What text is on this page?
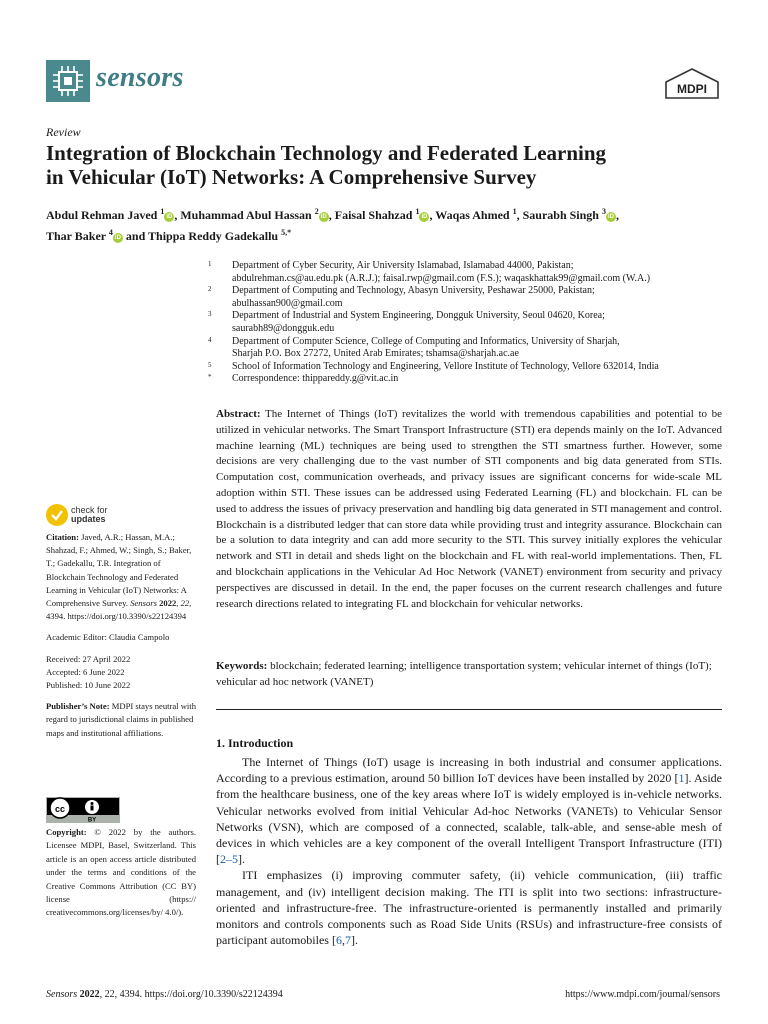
sensors	MDPI
Review
Integration of Blockchain Technology and Federated Learning
in Vehicular (IoT) Networks: A Comprehensive Survey
Abdul Rehman Javed $^1$iD , Muhammad Abul Hassan $^2$iD , Faisal Shahzad $^1$iD , Waqas Ahmed $^1$, Saurabh Singh $^3$iD ,
Thar Baker $^4$iD and Thippa Reddy Gadekallu $^{5,*}$
1	Department of Cyber Security, Air University Islamabad, Islamabad 44000, Pakistan;
abdulrehman.cs@au.edu.pk (A.R.J.); faisal.rwp@gmail.com (F.S.); waqaskhattak99@gmail.com (W.A.)
2	Department of Computing and Technology, Abasyn University, Peshawar 25000, Pakistan;
abulhassan900@gmail.com
3	Department of Industrial and System Engineering, Dongguk University, Seoul 04620, Korea;
saurabh89@dongguk.edu
4	Department of Computer Science, College of Computing and Informatics, University of Sharjah,
Sharjah P.O. Box 27272, United Arab Emirates; tshamsa@sharjah.ac.ae
5	School of Information Technology and Engineering, Vellore Institute of Technology, Vellore 632014, India
*	Correspondence: thippareddy.g@vit.ac.in
Abstract: The Internet of Things (IoT) revitalizes the world with tremendous capabilities and potential to be utilized in vehicular networks. The Smart Transport Infrastructure (STI) era depends mainly on the IoT. Advanced machine learning (ML) techniques are being used to strengthen the STI smartness further. However, some decisions are very challenging due to the vast number of STI components and big data generated from STIs. Computation cost, communication overheads, and privacy issues are significant concerns for wide-scale ML adoption within STI. These issues can be addressed using Federated Learning (FL) and blockchain. FL can be used to address the issues of privacy preservation and handling big data generated in STI management and control. Blockchain is a distributed ledger that can store data while providing trust and integrity assurance. Blockchain can be a solution to data integrity and can add more security to the STI. This survey initially explores the vehicular network and STI in detail and sheds light on the blockchain and FL with real-world implementations. Then, FL and blockchain applications in the Vehicular Ad Hoc Network (VANET) environment from security and privacy perspectives are discussed in detail. In the end, the paper focuses on the current research challenges and future research directions related to integrating FL and blockchain for vehicular networks.
Keywords: blockchain; federated learning; intelligence transportation system; vehicular internet of things (IoT); vehicular ad hoc network (VANET)
1. Introduction

The Internet of Things (IoT) usage is increasing in both industrial and consumer applications. According to a previous estimation, around 50 billion IoT devices have been installed by 2020 [1]. Aside from the healthcare business, one of the key areas where IoT is widely employed is in-vehicle networks. Vehicular networks evolved from initial Vehicular Ad-hoc Networks (VANETs) to Vehicular Sensor Networks (VSN), which are composed of a connected, scalable, talk-able, and sense-able mesh of devices in which vehicles are a key component of the overall Intelligent Transport Infrastructure (ITI) [2–5].

ITI emphasizes (i) improving commuter safety, (ii) vehicle communication, (iii) traffic management, and (iv) intelligent decision making. The ITI is split into two sections: infrastructure-oriented and infrastructure-free. The infrastructure-oriented is permanently installed and primarily monitors and controls components such as Road Side Units (RSUs) and infrastructure-free consists of participant automobiles [6,7].

check for
updates

Citation: Javed, A.R.; Hassan, M.A.; Shahzad, F.; Ahmed, W.; Singh, S.; Baker, T.; Gadekallu, T.R. Integration of Blockchain Technology and Federated Learning in Vehicular (IoT) Networks: A Comprehensive Survey. Sensors 2022, 22, 4394. https://doi.org/10.3390/s22124394

Academic Editor: Claudia Campolo

Received: 27 April 2022
Accepted: 6 June 2022

Published: 10 June 2022

Publisher’s Note: MDPI stays neutral with regard to jurisdictional claims in published maps and institutional affiliations.

cc
BY
Copyright: © 2022 by the authors. Licensee MDPI, Basel, Switzerland. This article is an open access article distributed under the terms and conditions of the Creative Commons Attribution (CC BY) license (https:// creativecommons.org/licenses/by/ 4.0/).
Sensors 2022, 22, 4394. https://doi.org/10.3390/s22124394	https://www.mdpi.com/journal/sensors
